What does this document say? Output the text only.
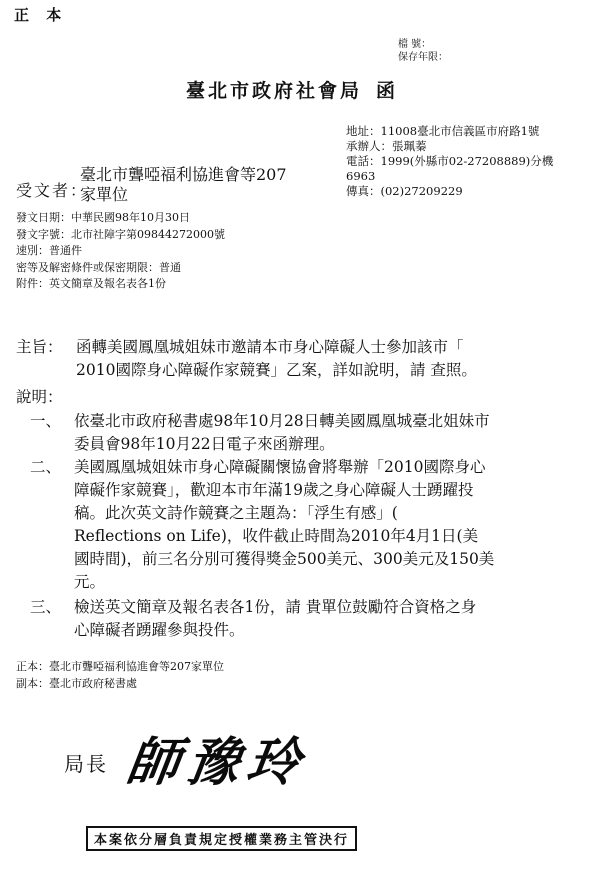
正 本
檔 號：
保存年限：
臺北市政府社會局 函
地址：11008臺北市信義區市府路1號
承辦人：張珮蓁
電話：1999(外縣市02-27208889)分機
6963
傳真：(02)27209229
受文者：
臺北市聾啞福利協進會等207
家單位
發文日期：中華民國98年10月30日
發文字號：北市社障字第09844272000號
速別：普通件
密等及解密條件或保密期限：普通
附件：英文簡章及報名表各1份
主旨： 函轉美國鳳凰城姐妹市邀請本市身心障礙人士參加該市「
2010國際身心障礙作家競賽」乙案，詳如說明，請 查照。
說明：
一、 依臺北市政府秘書處98年10月28日轉美國鳳凰城臺北姐妹市
委員會98年10月22日電子來函辦理。
二、 美國鳳凰城姐妹市身心障礙關懷協會將舉辦「2010國際身心
障礙作家競賽」，歡迎本市年滿19歲之身心障礙人士踴躍投
稿。此次英文詩作競賽之主題為：「浮生有感」(
Reflections on Life)，收件截止時間為2010年4月1日(美
國時間)，前三名分別可獲得獎金500美元、300美元及150美
元。
三、 檢送英文簡章及報名表各1份，請 貴單位鼓勵符合資格之身
心障礙者踴躍參與投件。
正本：臺北市聾啞福利協進會等207家單位
副本：臺北市政府秘書處
局長 師豫玲
本案依分層負責規定授權業務主管決行
